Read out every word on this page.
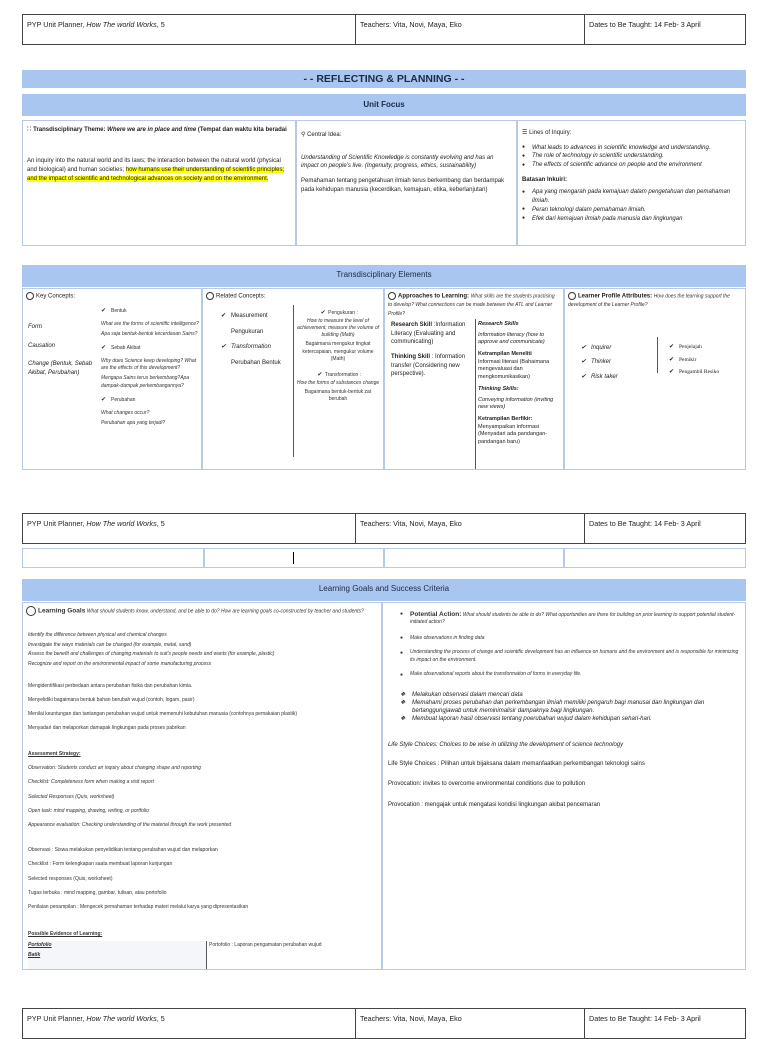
PYP Unit Planner, How The world Works, 5	Teachers: Vita, Novi, Maya, Eko	Dates to Be Taught: 14 Feb- 3 April
- - REFLECTING & PLANNING - -
Unit Focus
∷ Transdisciplinary Theme: Where we are in place and time (Tempat dan waktu kita beradai
An inquiry into the natural world and its laws; the interaction between the natural world (physical and biological) and human societies; how humans use their understanding of scientific principles; and the impact of scientific and technological advances on society and on the environment.
⚲ Central Idea:
Understanding of Scientific Knowledge is constantly evolving and has an impact on people's live. (Ingenuity, progress, ethics, sustainability)
Pemahaman tentang pengetahuan ilmiah terus berkembang dan berdampak pada kehidupan manusia (kecerdikan, kemajuan, etika, keberlanjutan)
☰ Lines of Inquiry:
● What leads to advances in scientific knowledge and understanding.
● The role of technology in scientific understanding.
● The effects of scientific advance on people and the environment
Batasan Inkuiri:
● Apa yang mengarah pada kemajuan dalam pengetahuan dan pemahaman ilmiah.
● Peran teknologi dalam pemahaman ilmiah.
● Efek dari kemajuan ilmiah pada manusia dan lingkungan
Transdisciplinary Elements
Key Concepts:
Form
Causation
Change (Bentuk, Sebab Akibat, Perubahan)
✔ Bentuk
What are the forms of scientific intelligence?
Apa saja bentuk-bentuk kecerdasan Sains?
✔ Sebab Akibat
Why does Science keep developing? What are the effects of this development?
Mengapa Sains terus berkembang?Apa dampak-dampak perkembangannya?
✔ Perubahan
What changes occur?
Perubahan apa yang terjadi?
Related Concepts:
✔ Measurement
Pengukuran
✔ Transformation
Perubahan Bentuk
✔ Pengukuran :
How to measure the level of achievement, measure the volume of building (Math)
Bagaimana mengukur tingkat ketercapaian, mengukur volume (Math)
✔ Transformation :
How the forms of substances change
Bagaimana bentuk-bentuk zat berubah
Approaches to Learning: What skills are the students practising to develop? What connections can be made between the ATL and Learner Profile?
Research Skill :Information Literacy (Evaluating and communicating)
Thinking Skill : Information transfer (Considering new perspective).
Research Skills
Information literacy (how to approve and communicate)
Ketrampilan Meneliti
Informasi literasi (Bahaimana mengevaluasi dan mengkomunikasikan)
Thinking Skills:
Conveying information (inviting new views)
Ketrampilan Berfikir:
Menyampaikan informasi (Menyadari ada pandangan-pandangan baru)
Learner Profile Attributes: How does the learning support the development of the Learner Profile?
✔ Inquirer
✔ Thinker
✔ Risk taker
✔ Penjelajah
✔ Pemikir
✔ Pengambil Resiko
PYP Unit Planner, How The world Works, 5	Teachers: Vita, Novi, Maya, Eko	Dates to Be Taught: 14 Feb- 3 April
Learning Goals and Success Criteria
Learning Goals What should students know, understand, and be able to do? How are learning goals co-constructed by teacher and students?
Identify the difference between physical and chemical changes
Investigate the ways materials can be changed (for example, metal, sand)
Assess the benefit and challenges of changing materials to suit's people needs and wants (for example, plastic)
Recognize and report on the environmental impact of some manufacturing process
Mengidentifikasi perbedaan antara perubahan fisika dan perubahan kimia.
Menyelidiki bagaimana bentuk bahan berubah wujud (contoh, logam, pasir)
Menilai keuntungan dan tantangan perubahan wujud untuk memenuhi kebutuhan manusia (contohnya pemakaian plastik)
Menyadari dan melaporkan damapak lingkungan pada proses pabrikan
Assessment Strategy:
Observation: Students conduct an inquiry about changing shape and reporting
Checklist: Completeness form when making a visit report
Selected Responses (Quis, worksheet)
Open task: mind mapping, drawing, writing, or portfolio
Appearance evaluation: Checking understanding of the material through the work presented
Observasi : Siswa melakukan penyelidikan tentang perubahan wujud dan melaporkan
Checklist : Form kelengkapan saata membuat laporan kunjungan
Selected responses (Quis, worksheet)
Tugas terbuka : mind mapping, gambar, tulisan, atau portofolio
Penilaian penampilan : Mengecek pemahaman terhadap materi melalui karya yang dipresentasikan
Possible Evidence of Learning:
Portofolio
Batik
Portofolio : Laporan pengamatan perubahan wujud
● Potential Action: What should students be able to do? What opportunities are there for building on prior learning to support potential student-initiated action?
● Make observations in finding data
● Understanding the process of change and scientific development has an influence on humans and the environment and is responsible for minimizing its impact on the environment.
● Make observational reports about the transformation of forms in everyday life.
❖ Melakukan observasi dalam mencari data
❖ Memahami proses perubahan dan perkembangan ilmiah memiliki pengaruh bagi manusai dan lingkungan dan bertanggungjawab untuk meminimalisir dampaknya bagi lingkungan.
❖ Membuat laporan hasil observasi tentang poerubahan wujud dalam kehidupan sehari-hari.
Life Style Choices: Choices to be wise in utilizing the development of science technology
Life Style Choices : Pilihan untuk bijaksana dalam memanfaatkan perkembangan teknologi sains
Provocation: invites to overcome environmental conditions due to pollution
Provocation : mengajak untuk mengatasi kondisi lingkungan akibat pencemaran
PYP Unit Planner, How The world Works, 5	Teachers: Vita, Novi, Maya, Eko	Dates to Be Taught: 14 Feb- 3 April
